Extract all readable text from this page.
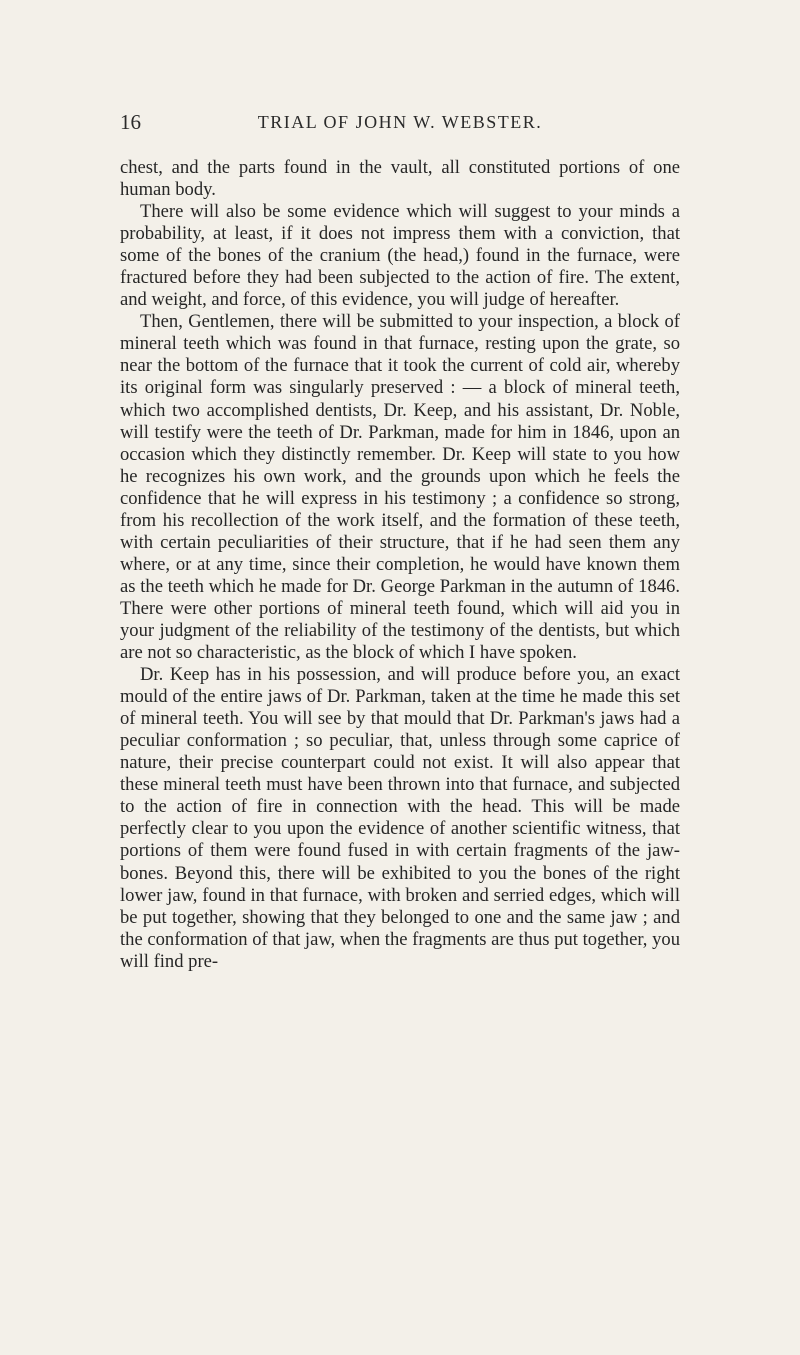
16	TRIAL OF JOHN W. WEBSTER.

chest, and the parts found in the vault, all constituted portions of one human body.

There will also be some evidence which will suggest to your minds a probability, at least, if it does not impress them with a conviction, that some of the bones of the cranium (the head,) found in the furnace, were fractured before they had been subjected to the action of fire. The extent, and weight, and force, of this evidence, you will judge of hereafter.

Then, Gentlemen, there will be submitted to your inspection, a block of mineral teeth which was found in that furnace, resting upon the grate, so near the bottom of the furnace that it took the current of cold air, whereby its original form was singularly preserved : — a block of mineral teeth, which two accomplished dentists, Dr. Keep, and his assistant, Dr. Noble, will testify were the teeth of Dr. Parkman, made for him in 1846, upon an occasion which they distinctly remember. Dr. Keep will state to you how he recognizes his own work, and the grounds upon which he feels the confidence that he will express in his testimony ; a confidence so strong, from his recollection of the work itself, and the formation of these teeth, with certain peculiarities of their structure, that if he had seen them any where, or at any time, since their completion, he would have known them as the teeth which he made for Dr. George Parkman in the autumn of 1846. There were other portions of mineral teeth found, which will aid you in your judgment of the reliability of the testimony of the dentists, but which are not so characteristic, as the block of which I have spoken.

Dr. Keep has in his possession, and will produce before you, an exact mould of the entire jaws of Dr. Parkman, taken at the time he made this set of mineral teeth. You will see by that mould that Dr. Parkman's jaws had a peculiar conformation ; so peculiar, that, unless through some caprice of nature, their precise counterpart could not exist. It will also appear that these mineral teeth must have been thrown into that furnace, and subjected to the action of fire in connection with the head. This will be made perfectly clear to you upon the evidence of another scientific witness, that portions of them were found fused in with certain fragments of the jaw-bones. Beyond this, there will be exhibited to you the bones of the right lower jaw, found in that furnace, with broken and serried edges, which will be put together, showing that they belonged to one and the same jaw ; and the conformation of that jaw, when the fragments are thus put together, you will find pre-
